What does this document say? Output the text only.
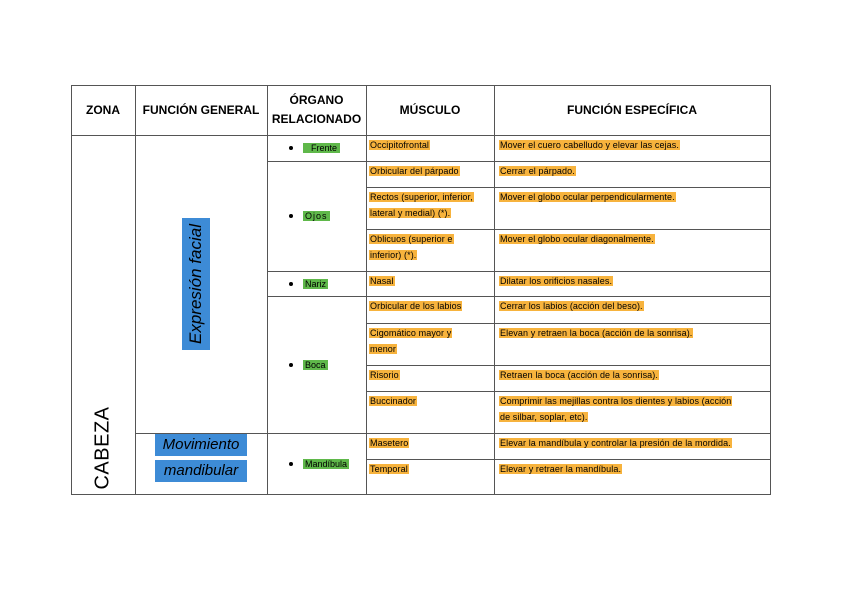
ZONA	FUNCIÓN GENERAL
ÓRGANO
RELACIONADO
MÚSCULO	FUNCIÓN ESPECÍFICA
Frente
Ojos
Nariz
Boca
Mandíbula
Occipitofrontal
Orbicular del párpado
Rectos (superior, inferior,
lateral y medial) (*).
Oblicuos (superior e
inferior) (*).
Nasal
Orbicular de los labios
Cigomático mayor y
menor
Risorio
Buccinador
Masetero
Temporal
Mover el cuero cabelludo y elevar las cejas.
Cerrar el párpado.
Mover el globo ocular perpendicularmente.
Mover el globo ocular diagonalmente.
Dilatar los orificios nasales.
Cerrar los labios (acción del beso).
Elevan y retraen la boca (acción de la sonrisa).
Retraen la boca (acción de la sonrisa).
Comprimir las mejillas contra los dientes y labios (acción
de silbar, soplar, etc).
Elevar la mandíbula y controlar la presión de la mordida.
Elevar y retraer la mandíbula.
CABEZA
Expresión facial
Movimiento
mandibular
